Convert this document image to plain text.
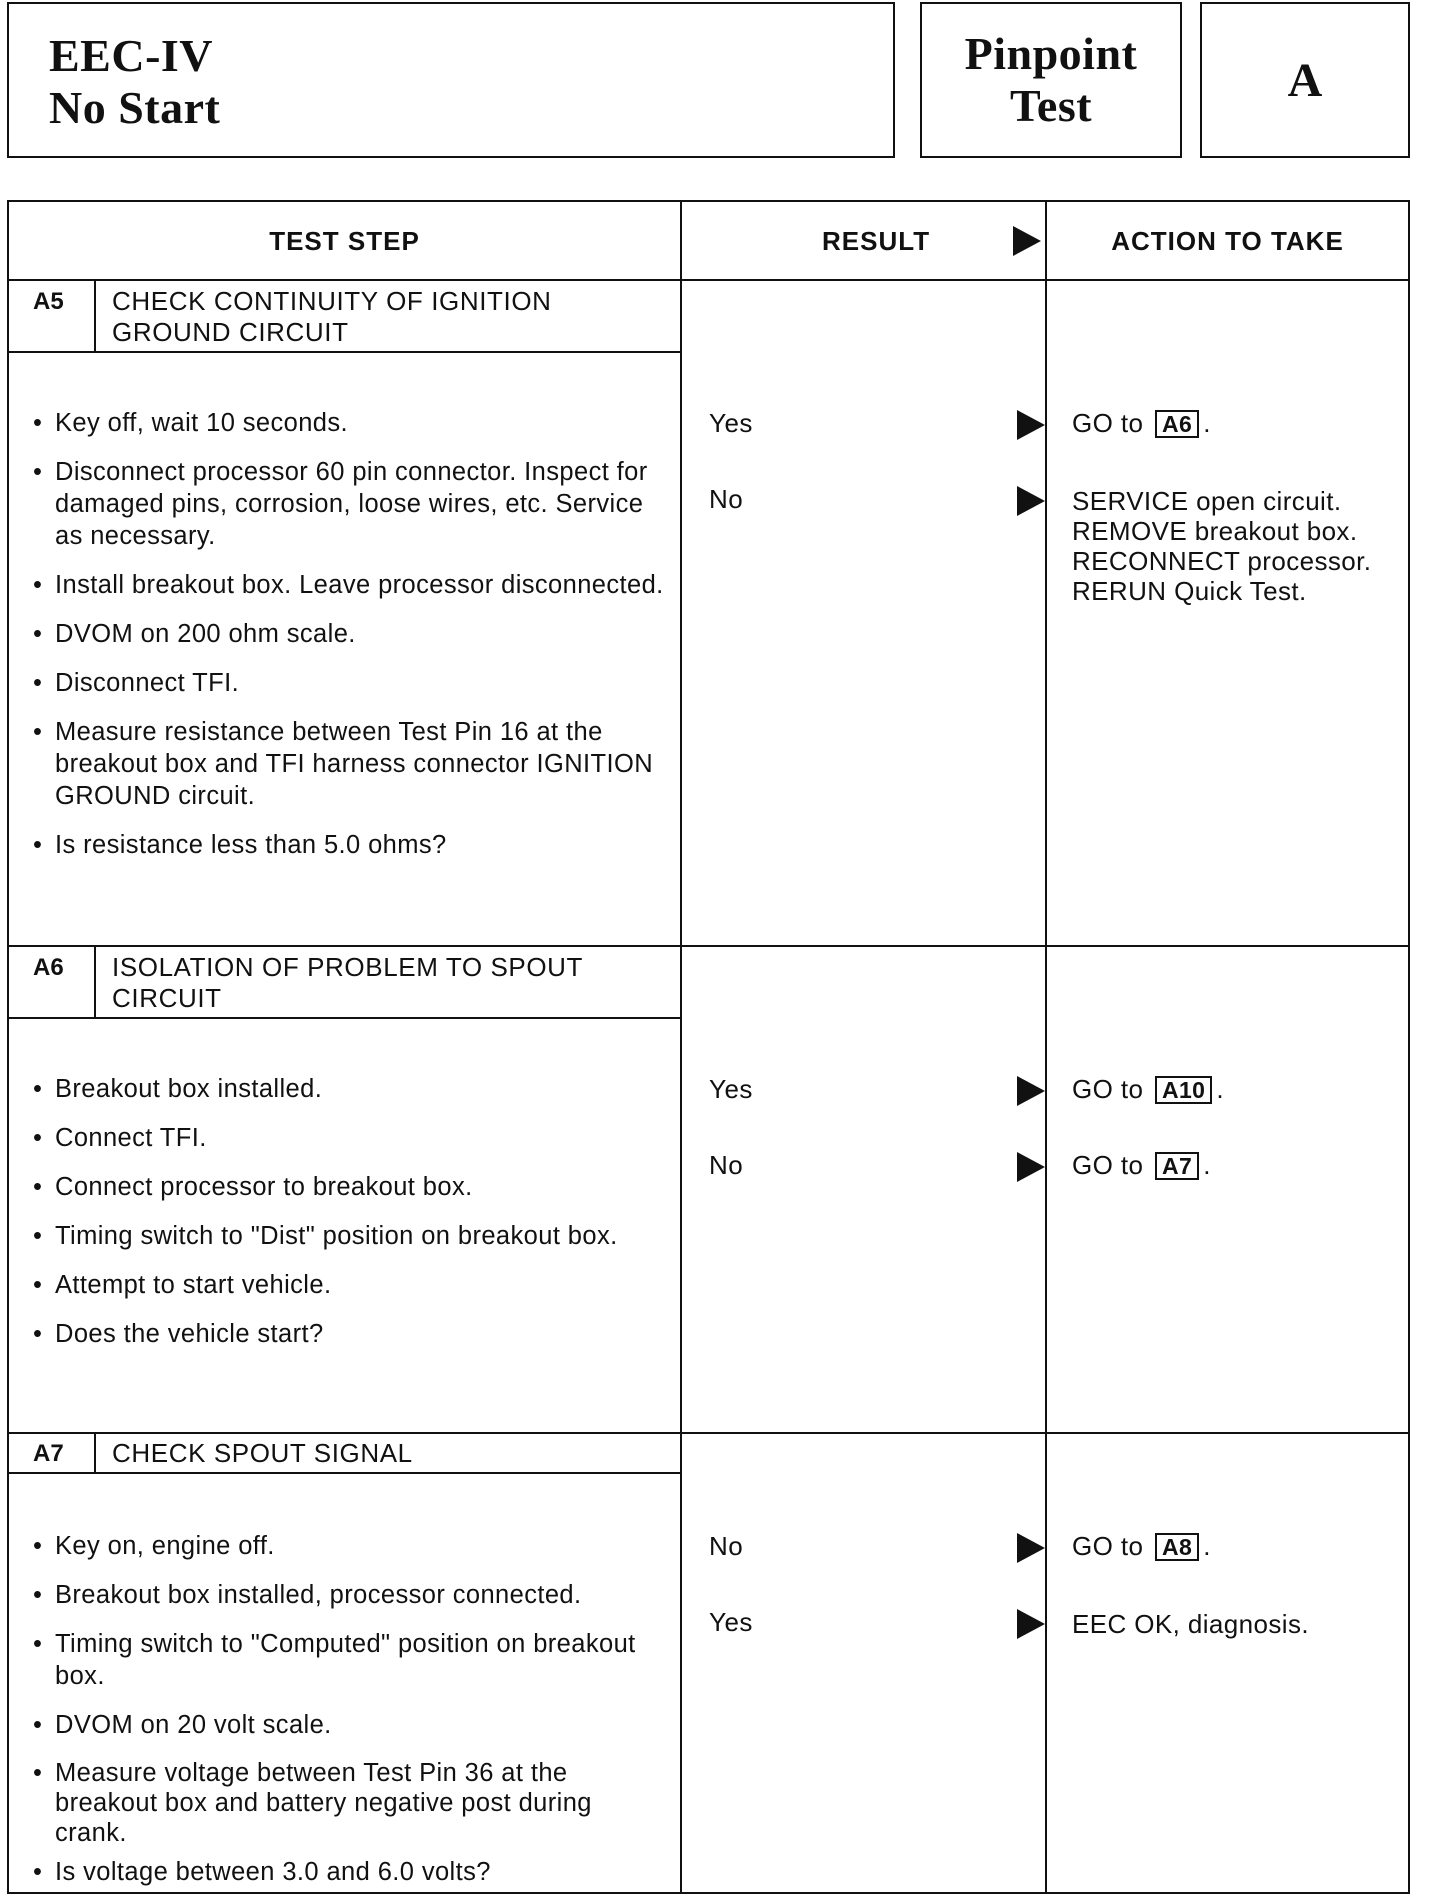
EEC-IV
No Start
Pinpoint
Test	A
TEST STEP	RESULT	ACTION TO TAKE
A5 CHECK CONTINUITY OF IGNITION GROUND CIRCUIT
• Key off, wait 10 seconds.
• Disconnect processor 60 pin connector. Inspect for damaged pins, corrosion, loose wires, etc. Service as necessary.
• Install breakout box. Leave processor disconnected.
• DVOM on 200 ohm scale.
• Disconnect TFI.
• Measure resistance between Test Pin 16 at the breakout box and TFI harness connector IGNITION GROUND circuit.
• Is resistance less than 5.0 ohms?
Yes	GO to A6 .
No	SERVICE open circuit. REMOVE breakout box. RECONNECT processor. RERUN Quick Test.
A6 ISOLATION OF PROBLEM TO SPOUT CIRCUIT
• Breakout box installed.
• Connect TFI.
• Connect processor to breakout box.
• Timing switch to "Dist" position on breakout box.
• Attempt to start vehicle.
• Does the vehicle start?
Yes	GO to A10 .
No	GO to A7 .
A7 CHECK SPOUT SIGNAL
• Key on, engine off.
• Breakout box installed, processor connected.
• Timing switch to "Computed" position on breakout box.
• DVOM on 20 volt scale.
• Measure voltage between Test Pin 36 at the breakout box and battery negative post during crank.
• Is voltage between 3.0 and 6.0 volts?
No	GO to A8 .
Yes	EEC OK, diagnosis.
